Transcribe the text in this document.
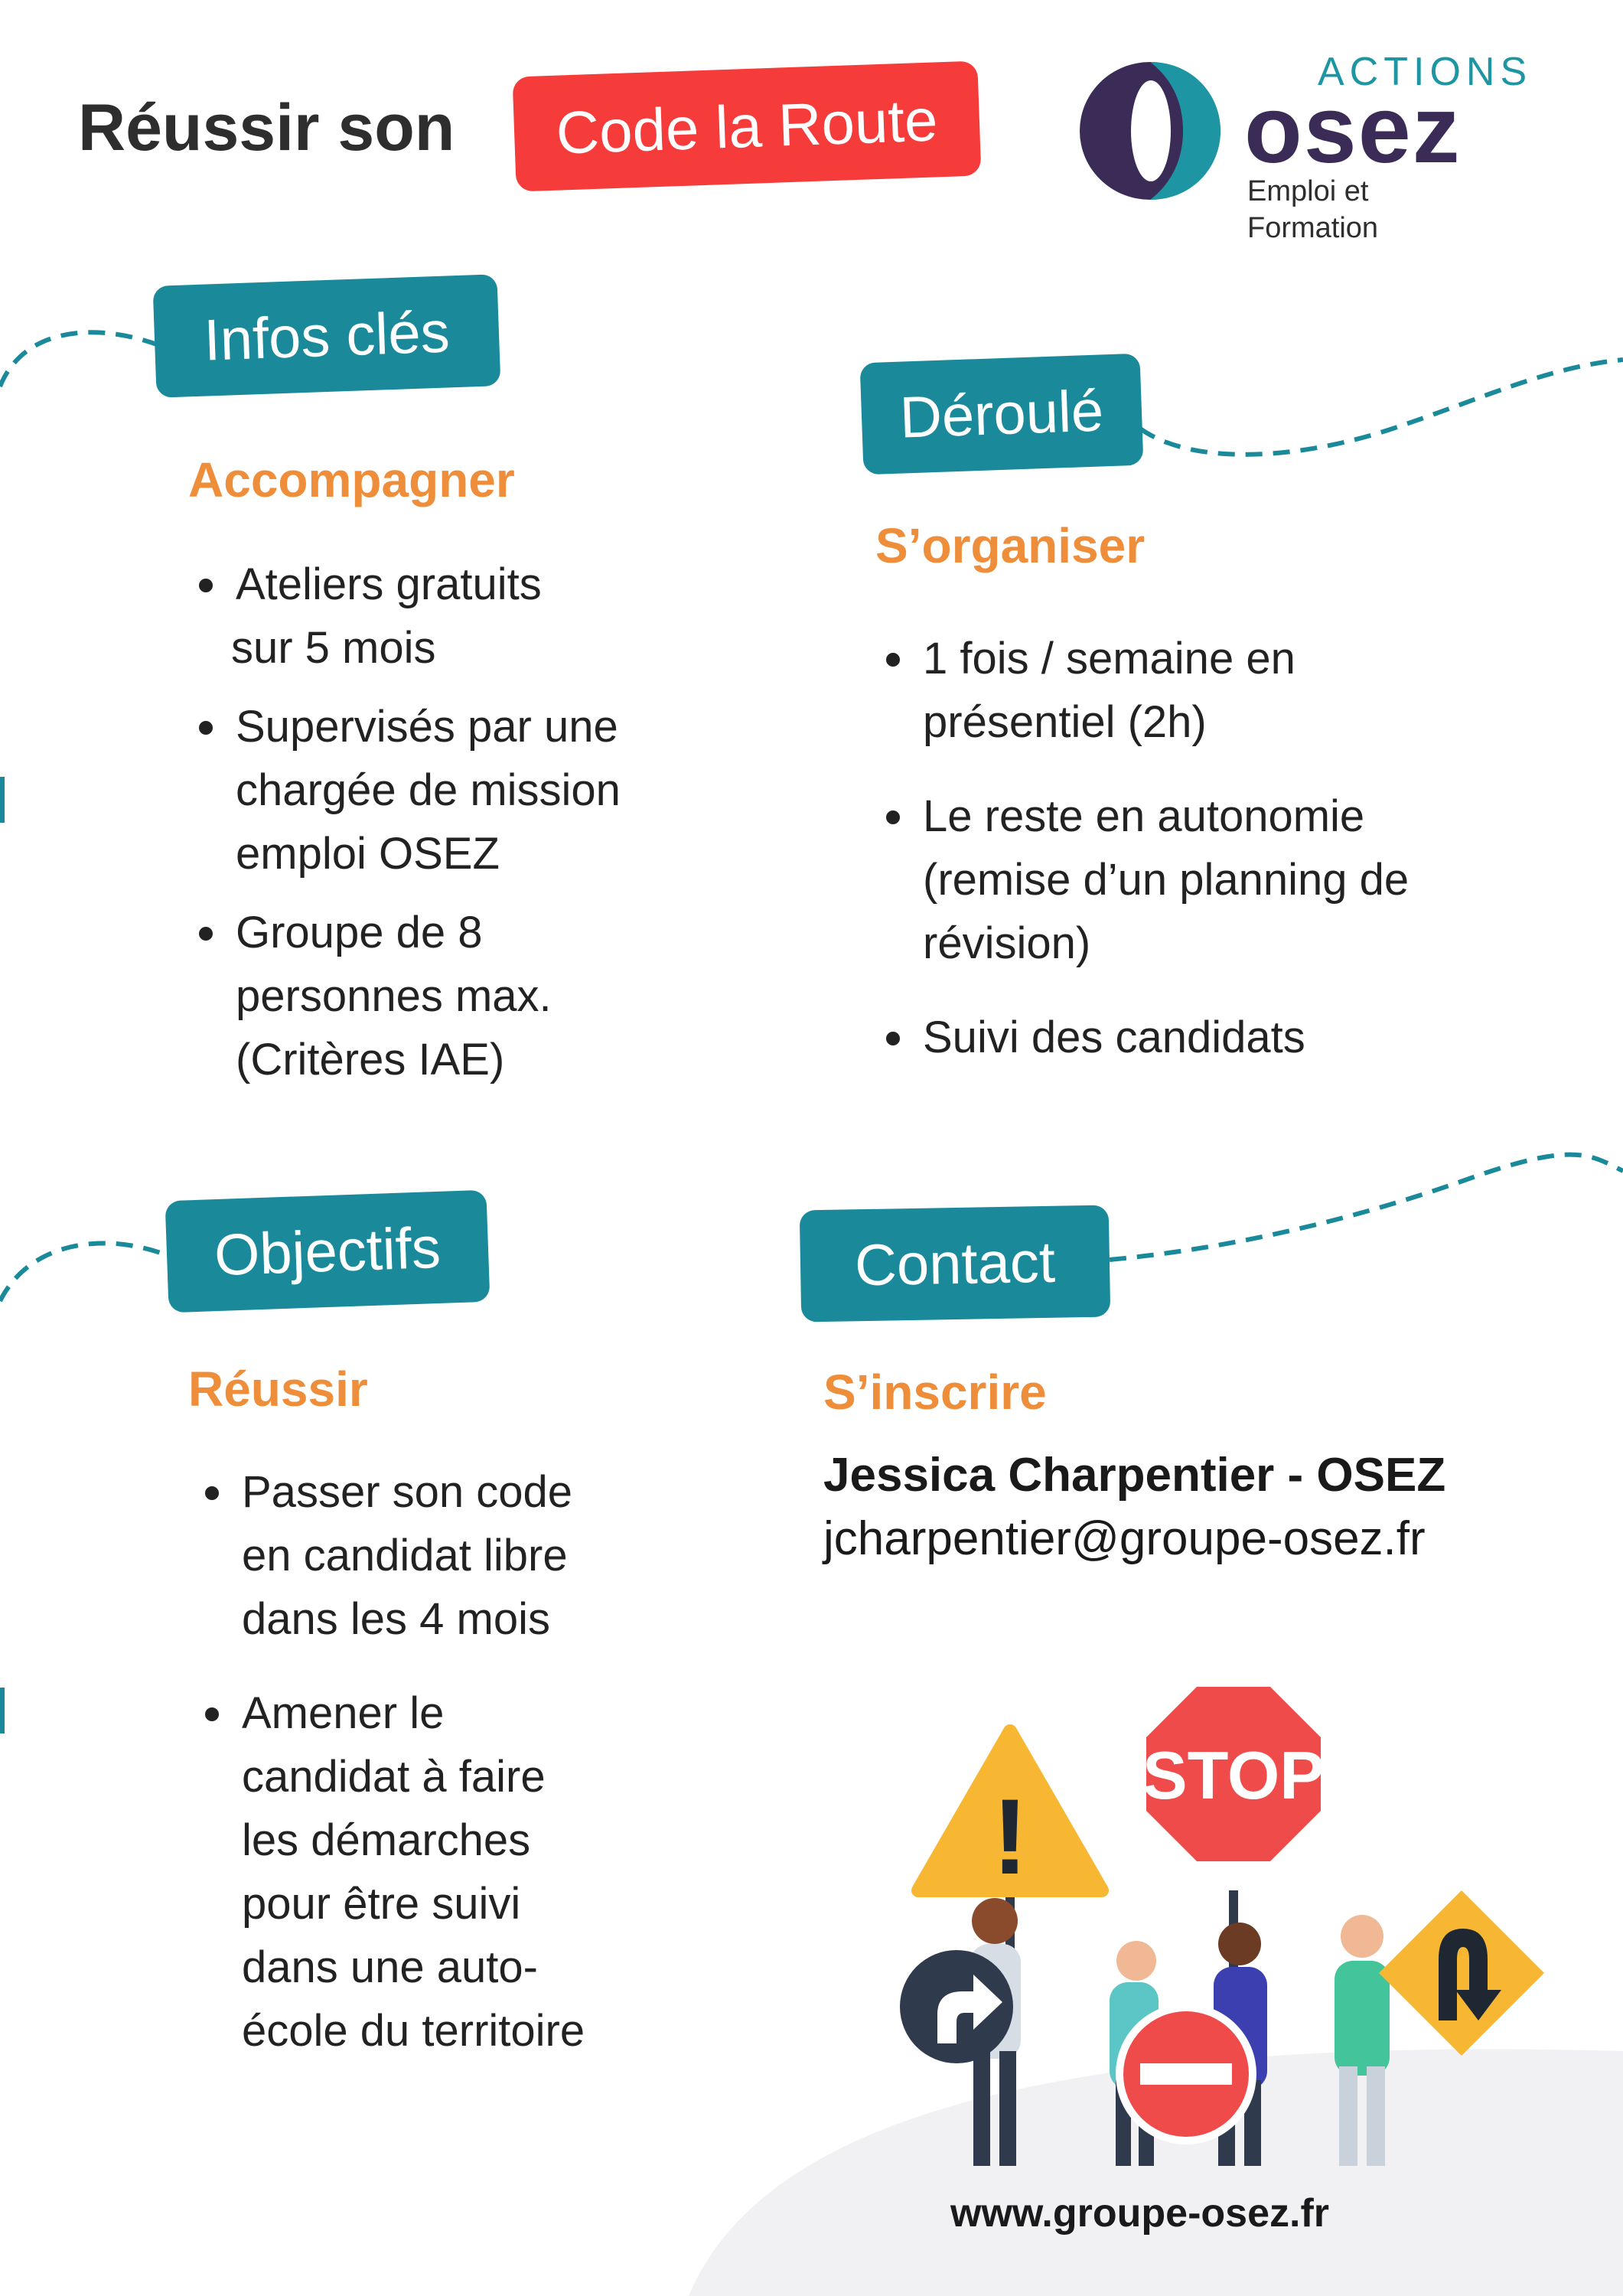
Réussir son Code la Route
ACTIONS
osez
Emploi et
Formation
Infos clés
Accompagner
Ateliers gratuits
sur 5 mois
Supervisés par une
chargée de mission
emploi OSEZ
Groupe de 8
personnes max.
(Critères IAE)
Déroulé
S’organiser
1 fois / semaine en
présentiel (2h)
Le reste en autonomie
(remise d’un planning de
révision)
Suivi des candidats
Objectifs
Réussir
Passer son code
en candidat libre
dans les 4 mois
Amener le
candidat à faire
les démarches
pour être suivi
dans une auto-
école du territoire
Contact
S’inscrire
Jessica Charpentier - OSEZ
jcharpentier@groupe-osez.fr
!
STOP
www.groupe-osez.fr
